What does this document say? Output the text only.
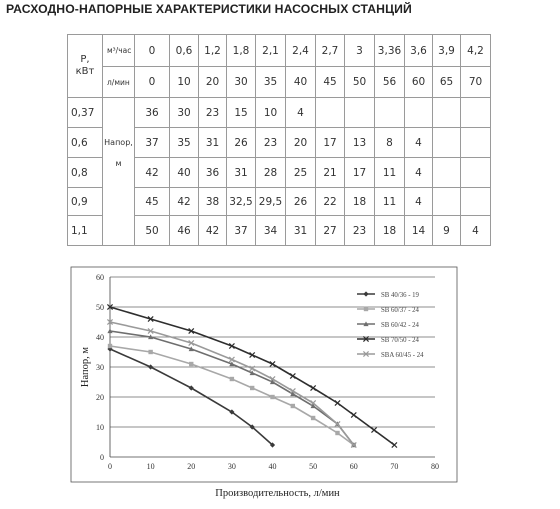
РАСХОДНО-НАПОРНЫЕ ХАРАКТЕРИСТИКИ НАСОСНЫХ СТАНЦИЙ
P,
кВт	м³/час	0	0,6	1,2	1,8	2,1	2,4	2,7	3	3,36	3,6	3,9	4,2
	л/мин	0	10	20	30	35	40	45	50	56	60	65	70
0,37		36	30	23	15	10	4						
0,6	Напор,	37	35	31	26	23	20	17	13	8	4		
0,8	м	42	40	36	31	28	25	21	17	11	4		
0,9		45	42	38	32,5	29,5	26	22	18	11	4		
1,1		50	46	42	37	34	31	27	23	18	14	9	4
0
10
20
30
40
50
60
0	10	20	30	40	50	60	70	80
Производительность, л/мин
Напор, м
SB 40/36 - 19
SB 60/37 - 24
SB 60/42 - 24
SB 70/50 - 24
SBA 60/45 - 24
